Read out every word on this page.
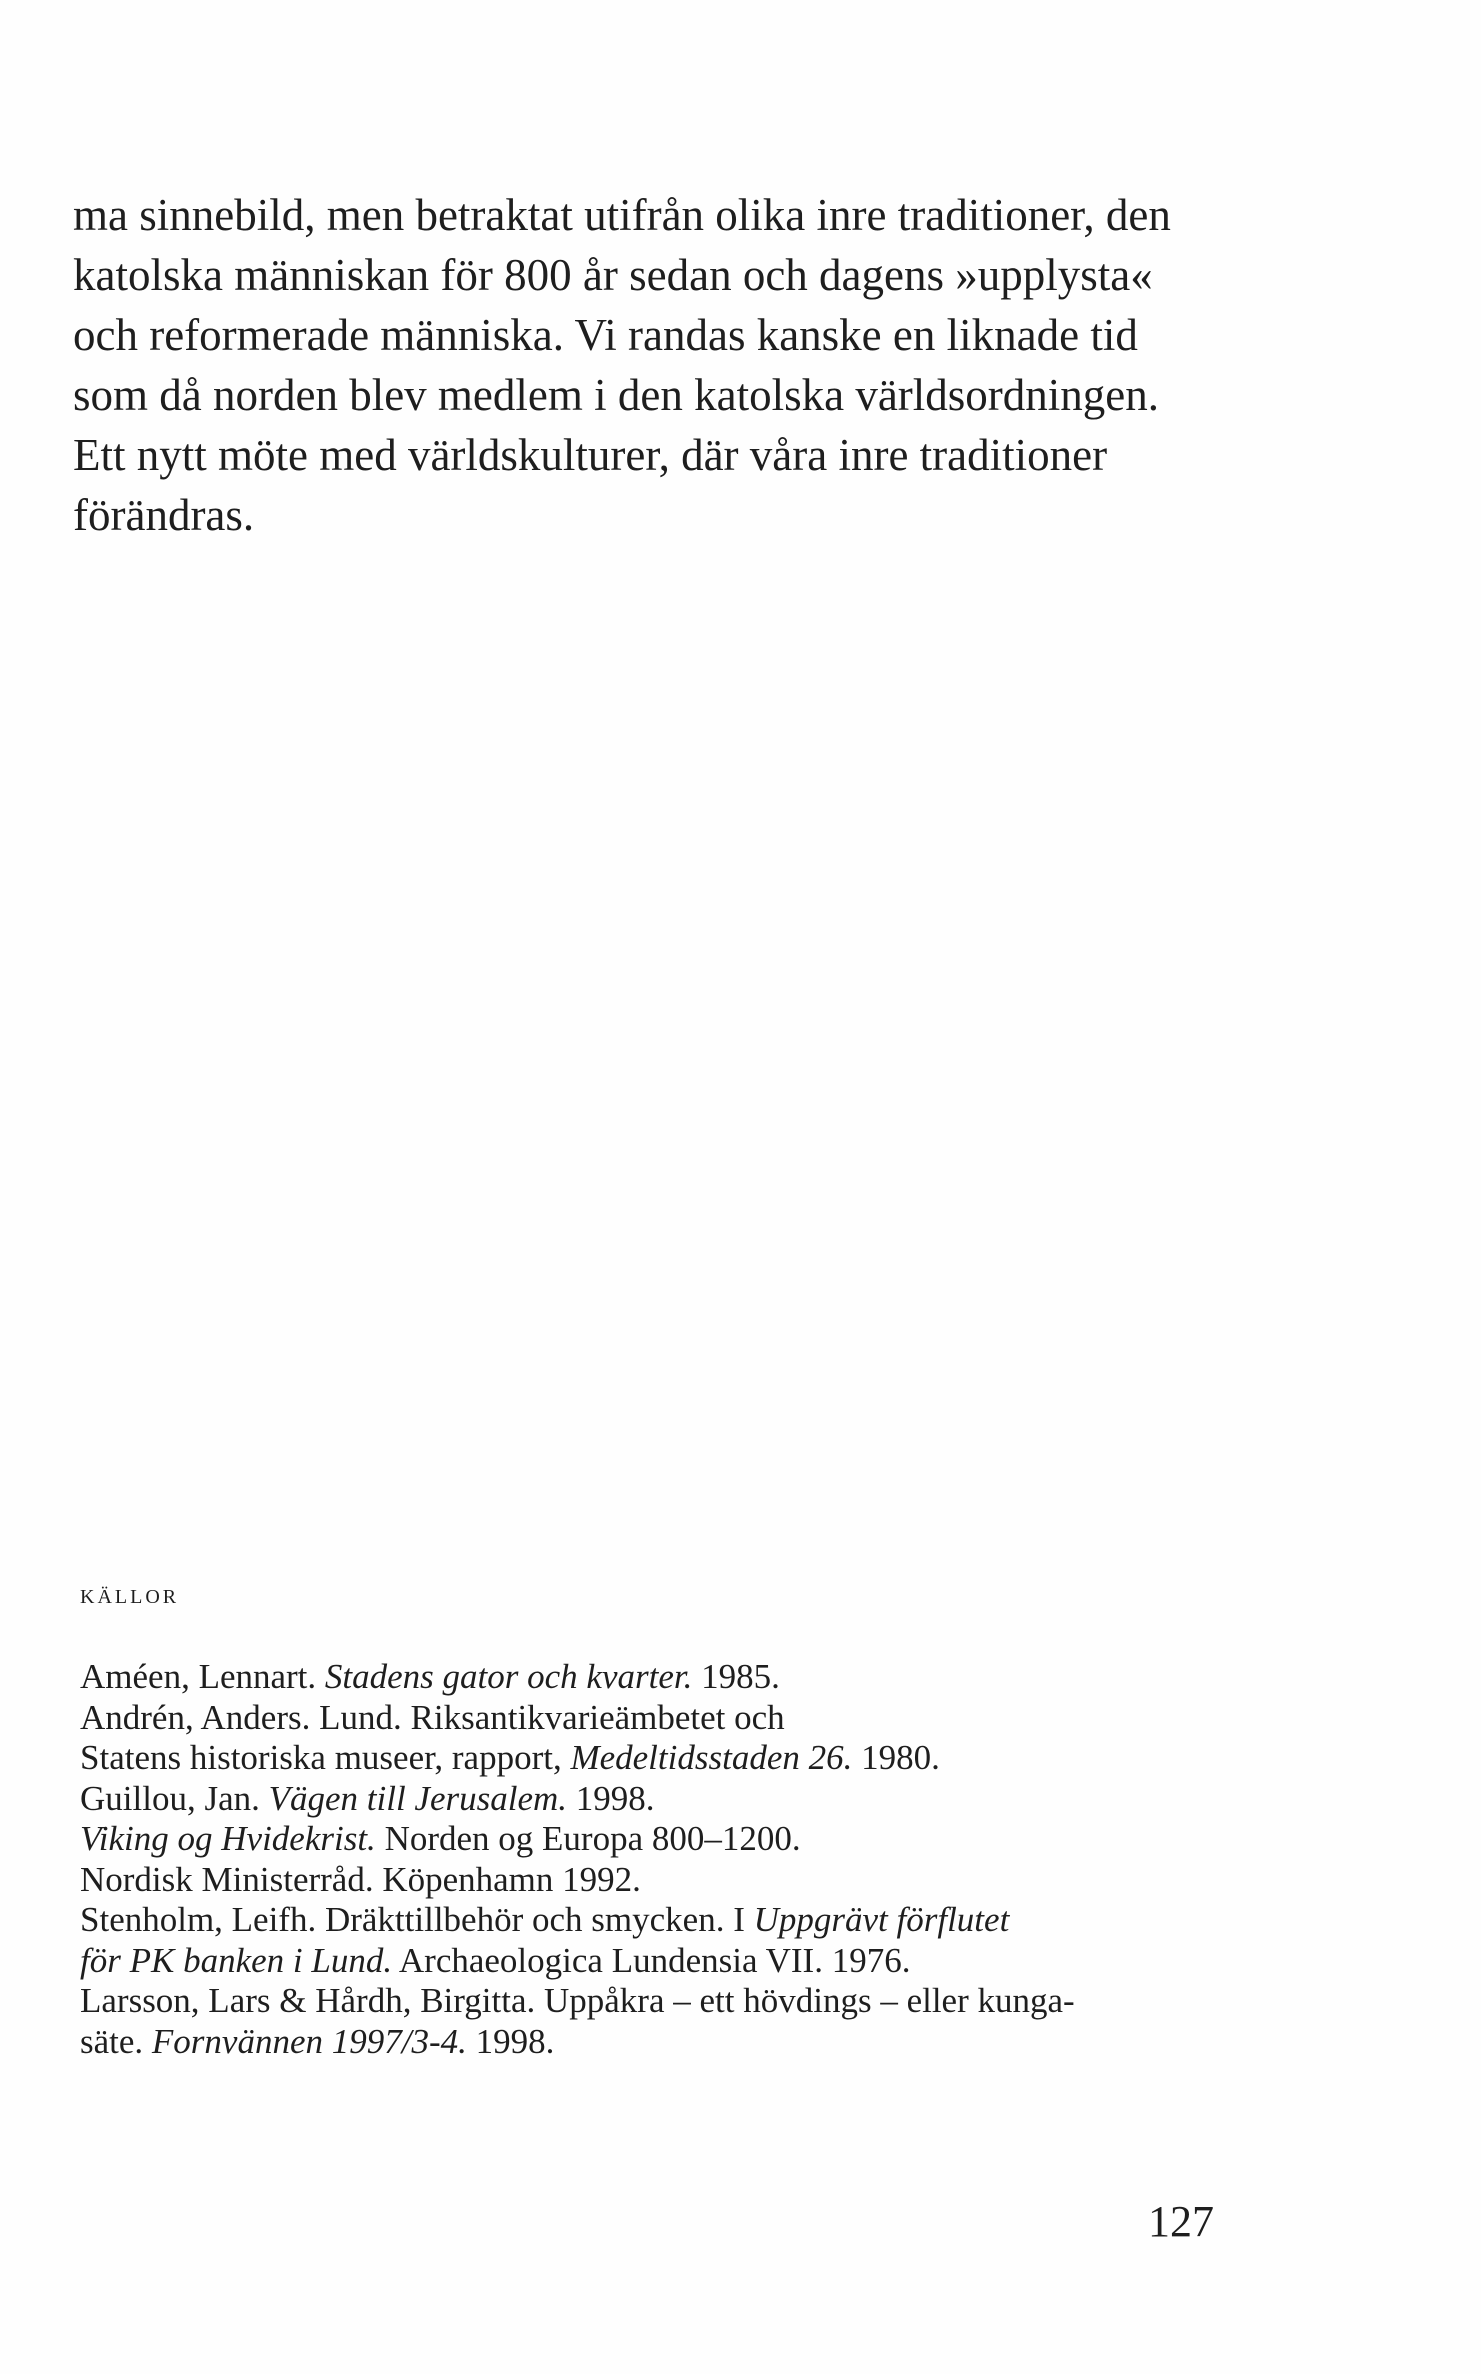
ma sinnebild, men betraktat utifrån olika inre traditioner, den
katolska människan för 800 år sedan och dagens »upplysta«
och reformerade människa. Vi randas kanske en liknade tid
som då norden blev medlem i den katolska världsordningen.
Ett nytt möte med världskulturer, där våra inre traditioner
förändras.
KÄLLOR
Améen, Lennart. Stadens gator och kvarter. 1985.
Andrén, Anders. Lund. Riksantikvarieämbetet och
Statens historiska museer, rapport, Medeltidsstaden 26. 1980.
Guillou, Jan. Vägen till Jerusalem. 1998.
Viking og Hvidekrist. Norden og Europa 800–1200.
Nordisk Ministerråd. Köpenhamn 1992.
Stenholm, Leifh. Dräkttillbehör och smycken. I Uppgrävt förflutet
för PK banken i Lund. Archaeologica Lundensia VII. 1976.
Larsson, Lars & Hårdh, Birgitta. Uppåkra – ett hövdings – eller kunga-
säte. Fornvännen 1997/3-4. 1998.
127
